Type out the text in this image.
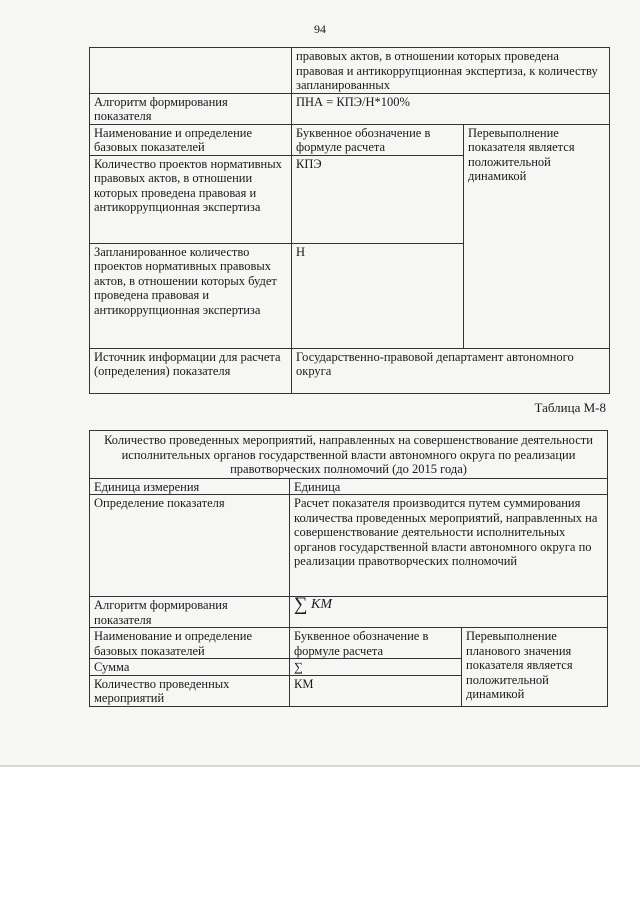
94
	правовых актов, в отношении которых проведена правовая и антикоррупционная экспертиза, к количеству запланированных	
Алгоритм формирования показателя	ПНА = КПЭ/Н*100%	
Наименование и определение базовых показателей	Буквенное обозначение в формуле расчета	Перевыполнение показателя является положительной динамикой
Количество проектов нормативных правовых актов, в отношении которых проведена правовая и антикоррупционная экспертиза	КПЭ	
Запланированное количество проектов нормативных правовых актов, в отношении которых будет проведена правовая и антикоррупционная экспертиза	Н	
Источник информации для расчета (определения) показателя	Государственно-правовой департамент автономного округа	
Таблица М-8
Количество проведенных мероприятий, направленных на совершенствование деятельности исполнительных органов государственной власти автономного округа по реализации правотворческих полномочий (до 2015 года)		
Единица измерения	Единица	
Определение показателя	Расчет показателя производится путем суммирования количества проведенных мероприятий, направленных на совершенствование деятельности исполнительных органов государственной власти автономного округа по реализации правотворческих полномочий	
Алгоритм формирования показателя	∑ КМ	
Наименование и определение базовых показателей	Буквенное обозначение в формуле расчета	Перевыполнение планового значения показателя является положительной динамикой
Сумма	∑	
Количество проведенных мероприятий	КМ	
